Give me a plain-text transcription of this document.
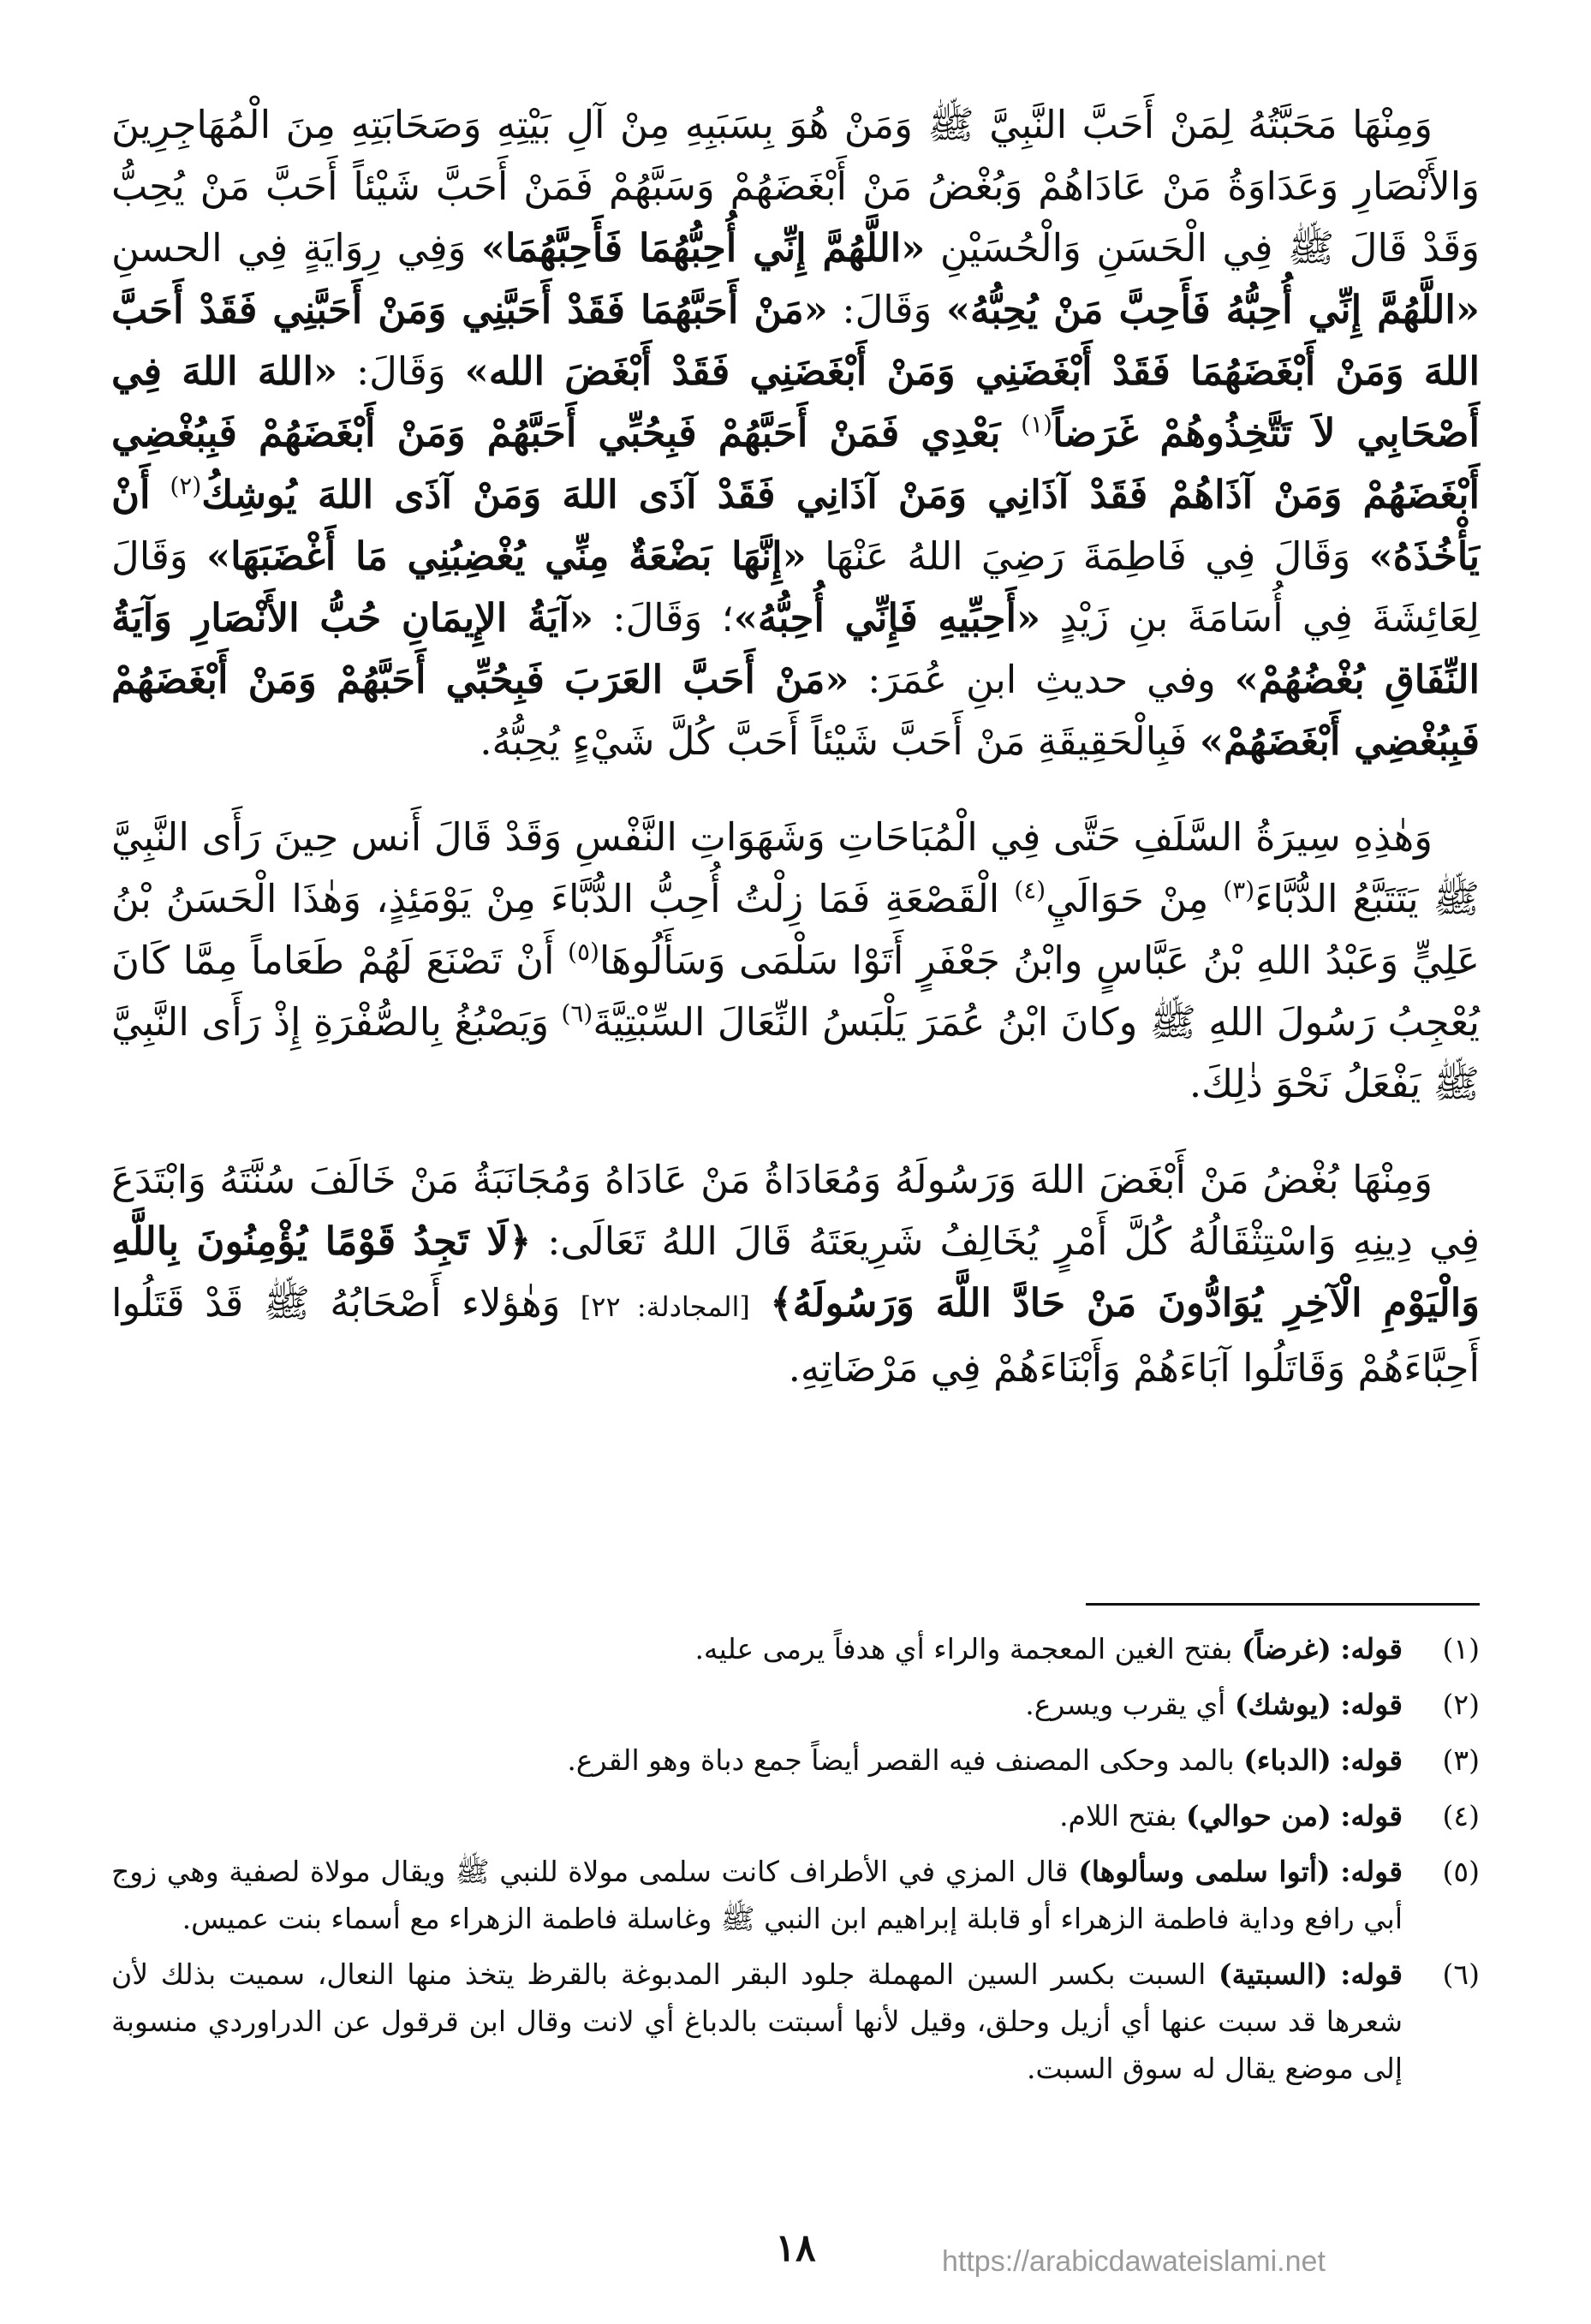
وَمِنْهَا مَحَبَّتُهُ لِمَنْ أَحَبَّ النَّبِيَّ ﷺ وَمَنْ هُوَ بِسَبَبِهِ مِنْ آلِ بَيْتِهِ وَصَحَابَتِهِ مِنَ الْمُهَاجِرِينَ وَالأَنْصَارِ وَعَدَاوَةُ مَنْ عَادَاهُمْ وَبُغْضُ مَنْ أَبْغَضَهُمْ وَسَبَّهُمْ فَمَنْ أَحَبَّ شَيْئاً أَحَبَّ مَنْ يُحِبُّ وَقَدْ قَالَ ﷺ فِي الْحَسَنِ وَالْحُسَيْنِ «اللَّهُمَّ إِنِّي أُحِبُّهُمَا فَأَحِبَّهُمَا» وَفِي رِوَايَةٍ فِي الحسنِ «اللَّهُمَّ إِنِّي أُحِبُّهُ فَأَحِبَّ مَنْ يُحِبُّهُ» وَقَالَ: «مَنْ أَحَبَّهُمَا فَقَدْ أَحَبَّنِي وَمَنْ أَحَبَّنِي فَقَدْ أَحَبَّ اللهَ وَمَنْ أَبْغَضَهُمَا فَقَدْ أَبْغَضَنِي وَمَنْ أَبْغَضَنِي فَقَدْ أَبْغَضَ الله» وَقَالَ: «اللهَ اللهَ فِي أَصْحَابِي لاَ تَتَّخِذُوهُمْ غَرَضاً$^{(١)}$ بَعْدِي فَمَنْ أَحَبَّهُمْ فَبِحُبِّي أَحَبَّهُمْ وَمَنْ أَبْغَضَهُمْ فَبِبُغْضِي أَبْغَضَهُمْ وَمَنْ آذَاهُمْ فَقَدْ آذَانِي وَمَنْ آذَانِي فَقَدْ آذَى اللهَ وَمَنْ آذَى اللهَ يُوشِكُ$^{(٢)}$ أَنْ يَأْخُذَهُ» وَقَالَ فِي فَاطِمَةَ رَضِيَ اللهُ عَنْهَا «إِنَّهَا بَضْعَةٌ مِنِّي يُغْضِبُنِي مَا أَغْضَبَهَا» وَقَالَ لِعَائِشَةَ فِي أُسَامَةَ بنِ زَيْدٍ «أَحِبِّيهِ فَإِنِّي أُحِبُّهُ»؛ وَقَالَ: «آيَةُ الإِيمَانِ حُبُّ الأَنْصَارِ وَآيَةُ النِّفَاقِ بُغْضُهُمْ» وفي حديثِ ابنِ عُمَرَ: «مَنْ أَحَبَّ العَرَبَ فَبِحُبِّي أَحَبَّهُمْ وَمَنْ أَبْغَضَهُمْ فَبِبُغْضِي أَبْغَضَهُمْ» فَبِالْحَقِيقَةِ مَنْ أَحَبَّ شَيْئاً أَحَبَّ كُلَّ شَيْءٍ يُحِبُّهُ.

وَهٰذِهِ سِيرَةُ السَّلَفِ حَتَّى فِي الْمُبَاحَاتِ وَشَهَوَاتِ النَّفْسِ وَقَدْ قَالَ أَنس حِينَ رَأَى النَّبِيَّ ﷺ يَتَتَبَّعُ الدُّبَّاءَ$^{(٣)}$ مِنْ حَوَالَيِ$^{(٤)}$ الْقَصْعَةِ فَمَا زِلْتُ أُحِبُّ الدُّبَّاءَ مِنْ يَوْمَئِذٍ، وَهٰذَا الْحَسَنُ بْنُ عَلِيٍّ وَعَبْدُ اللهِ بْنُ عَبَّاسٍ وابْنُ جَعْفَرٍ أَتَوْا سَلْمَى وَسَأَلُوهَا$^{(٥)}$ أَنْ تَصْنَعَ لَهُمْ طَعَاماً مِمَّا كَانَ يُعْجِبُ رَسُولَ اللهِ ﷺ وكانَ ابْنُ عُمَرَ يَلْبَسُ النِّعَالَ السِّبْتِيَّةَ$^{(٦)}$ وَيَصْبُغُ بِالصُّفْرَةِ إِذْ رَأَى النَّبِيَّ ﷺ يَفْعَلُ نَحْوَ ذٰلِكَ.

وَمِنْهَا بُغْضُ مَنْ أَبْغَضَ اللهَ وَرَسُولَهُ وَمُعَادَاةُ مَنْ عَادَاهُ وَمُجَانَبَةُ مَنْ خَالَفَ سُنَّتَهُ وَابْتَدَعَ فِي دِينِهِ وَاسْتِثْقَالُهُ كُلَّ أَمْرٍ يُخَالِفُ شَرِيعَتَهُ قَالَ اللهُ تَعَالَى: ﴿لَا تَجِدُ قَوْمًا يُؤْمِنُونَ بِاللَّهِ وَالْيَوْمِ الْآخِرِ يُوَادُّونَ مَنْ حَادَّ اللَّهَ وَرَسُولَهُ﴾ [المجادلة: ٢٢] وَهٰؤلاء أَصْحَابُهُ ﷺ قَدْ قَتَلُوا أَحِبَّاءَهُمْ وَقَاتَلُوا آبَاءَهُمْ وَأَبْنَاءَهُمْ فِي مَرْضَاتِهِ.

(١)
قوله: (غرضاً) بفتح الغين المعجمة والراء أي هدفاً يرمى عليه.
(٢)
قوله: (يوشك) أي يقرب ويسرع.
(٣)
قوله: (الدباء) بالمد وحكى المصنف فيه القصر أيضاً جمع دباة وهو القرع.
(٤)
قوله: (من حوالي) بفتح اللام.
(٥)
قوله: (أتوا سلمى وسألوها) قال المزي في الأطراف كانت سلمى مولاة للنبي ﷺ ويقال مولاة لصفية وهي زوج أبي رافع وداية فاطمة الزهراء أو قابلة إبراهيم ابن النبي ﷺ وغاسلة فاطمة الزهراء مع أسماء بنت عميس.
(٦)
قوله: (السبتية) السبت بكسر السين المهملة جلود البقر المدبوغة بالقرظ يتخذ منها النعال، سميت بذلك لأن شعرها قد سبت عنها أي أزيل وحلق، وقيل لأنها أسبتت بالدباغ أي لانت وقال ابن قرقول عن الدراوردي منسوبة إلى موضع يقال له سوق السبت.
١٨	https://arabicdawateislami.net
